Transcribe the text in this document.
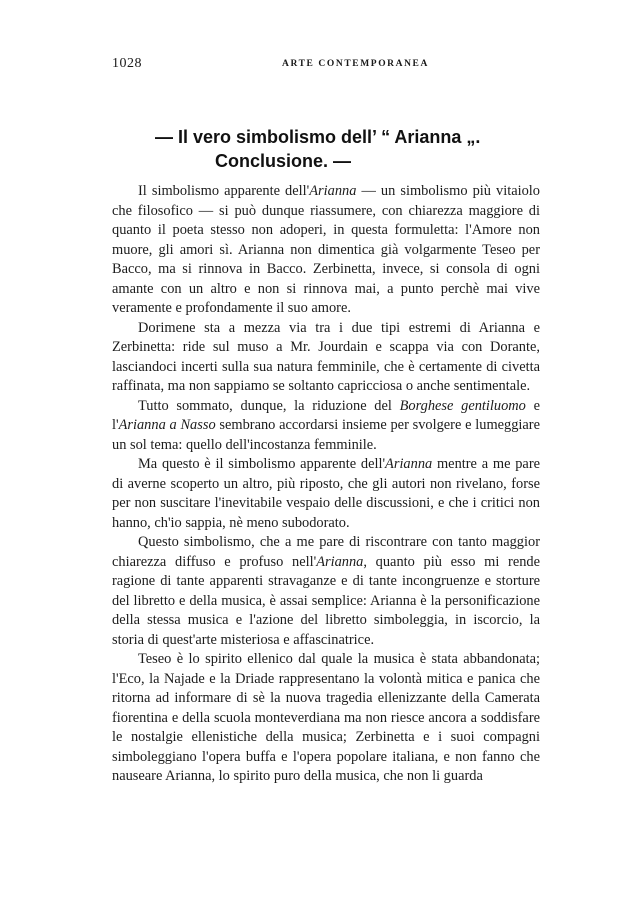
1028	ARTE CONTEMPORANEA
— Il vero simbolismo dell’ “ Arianna „.
Conclusione. —

Il simbolismo apparente dell'Arianna — un simbolismo più vitaiolo che filosofico — si può dunque riassumere, con chiarezza maggiore di quanto il poeta stesso non adoperi, in questa formuletta: l'Amore non muore, gli amori sì. Arianna non dimentica già volgarmente Teseo per Bacco, ma si rinnova in Bacco. Zerbinetta, invece, si consola di ogni amante con un altro e non si rinnova mai, a punto perchè mai vive veramente e profondamente il suo amore.

Dorimene sta a mezza via tra i due tipi estremi di Arianna e Zerbinetta: ride sul muso a Mr. Jourdain e scappa via con Dorante, lasciandoci incerti sulla sua natura femminile, che è certamente di civetta raffinata, ma non sappiamo se soltanto capricciosa o anche sentimentale.

Tutto sommato, dunque, la riduzione del Borghese gentiluomo e l'Arianna a Nasso sembrano accordarsi insieme per svolgere e lumeggiare un sol tema: quello dell'incostanza femminile.

Ma questo è il simbolismo apparente dell'Arianna mentre a me pare di averne scoperto un altro, più riposto, che gli autori non rivelano, forse per non suscitare l'inevitabile vespaio delle discussioni, e che i critici non hanno, ch'io sappia, nè meno subodorato.

Questo simbolismo, che a me pare di riscontrare con tanto maggior chiarezza diffuso e profuso nell'Arianna, quanto più esso mi rende ragione di tante apparenti stravaganze e di tante incongruenze e storture del libretto e della musica, è assai semplice: Arianna è la personificazione della stessa musica e l'azione del libretto simboleggia, in iscorcio, la storia di quest'arte misteriosa e affascinatrice.

Teseo è lo spirito ellenico dal quale la musica è stata abbandonata; l'Eco, la Najade e la Driade rappresentano la volontà mitica e panica che ritorna ad informare di sè la nuova tragedia ellenizzante della Camerata fiorentina e della scuola monteverdiana ma non riesce ancora a soddisfare le nostalgie ellenistiche della musica; Zerbinetta e i suoi compagni simboleggiano l'opera buffa e l'opera popolare italiana, e non fanno che nauseare Arianna, lo spirito puro della musica, che non li guarda
